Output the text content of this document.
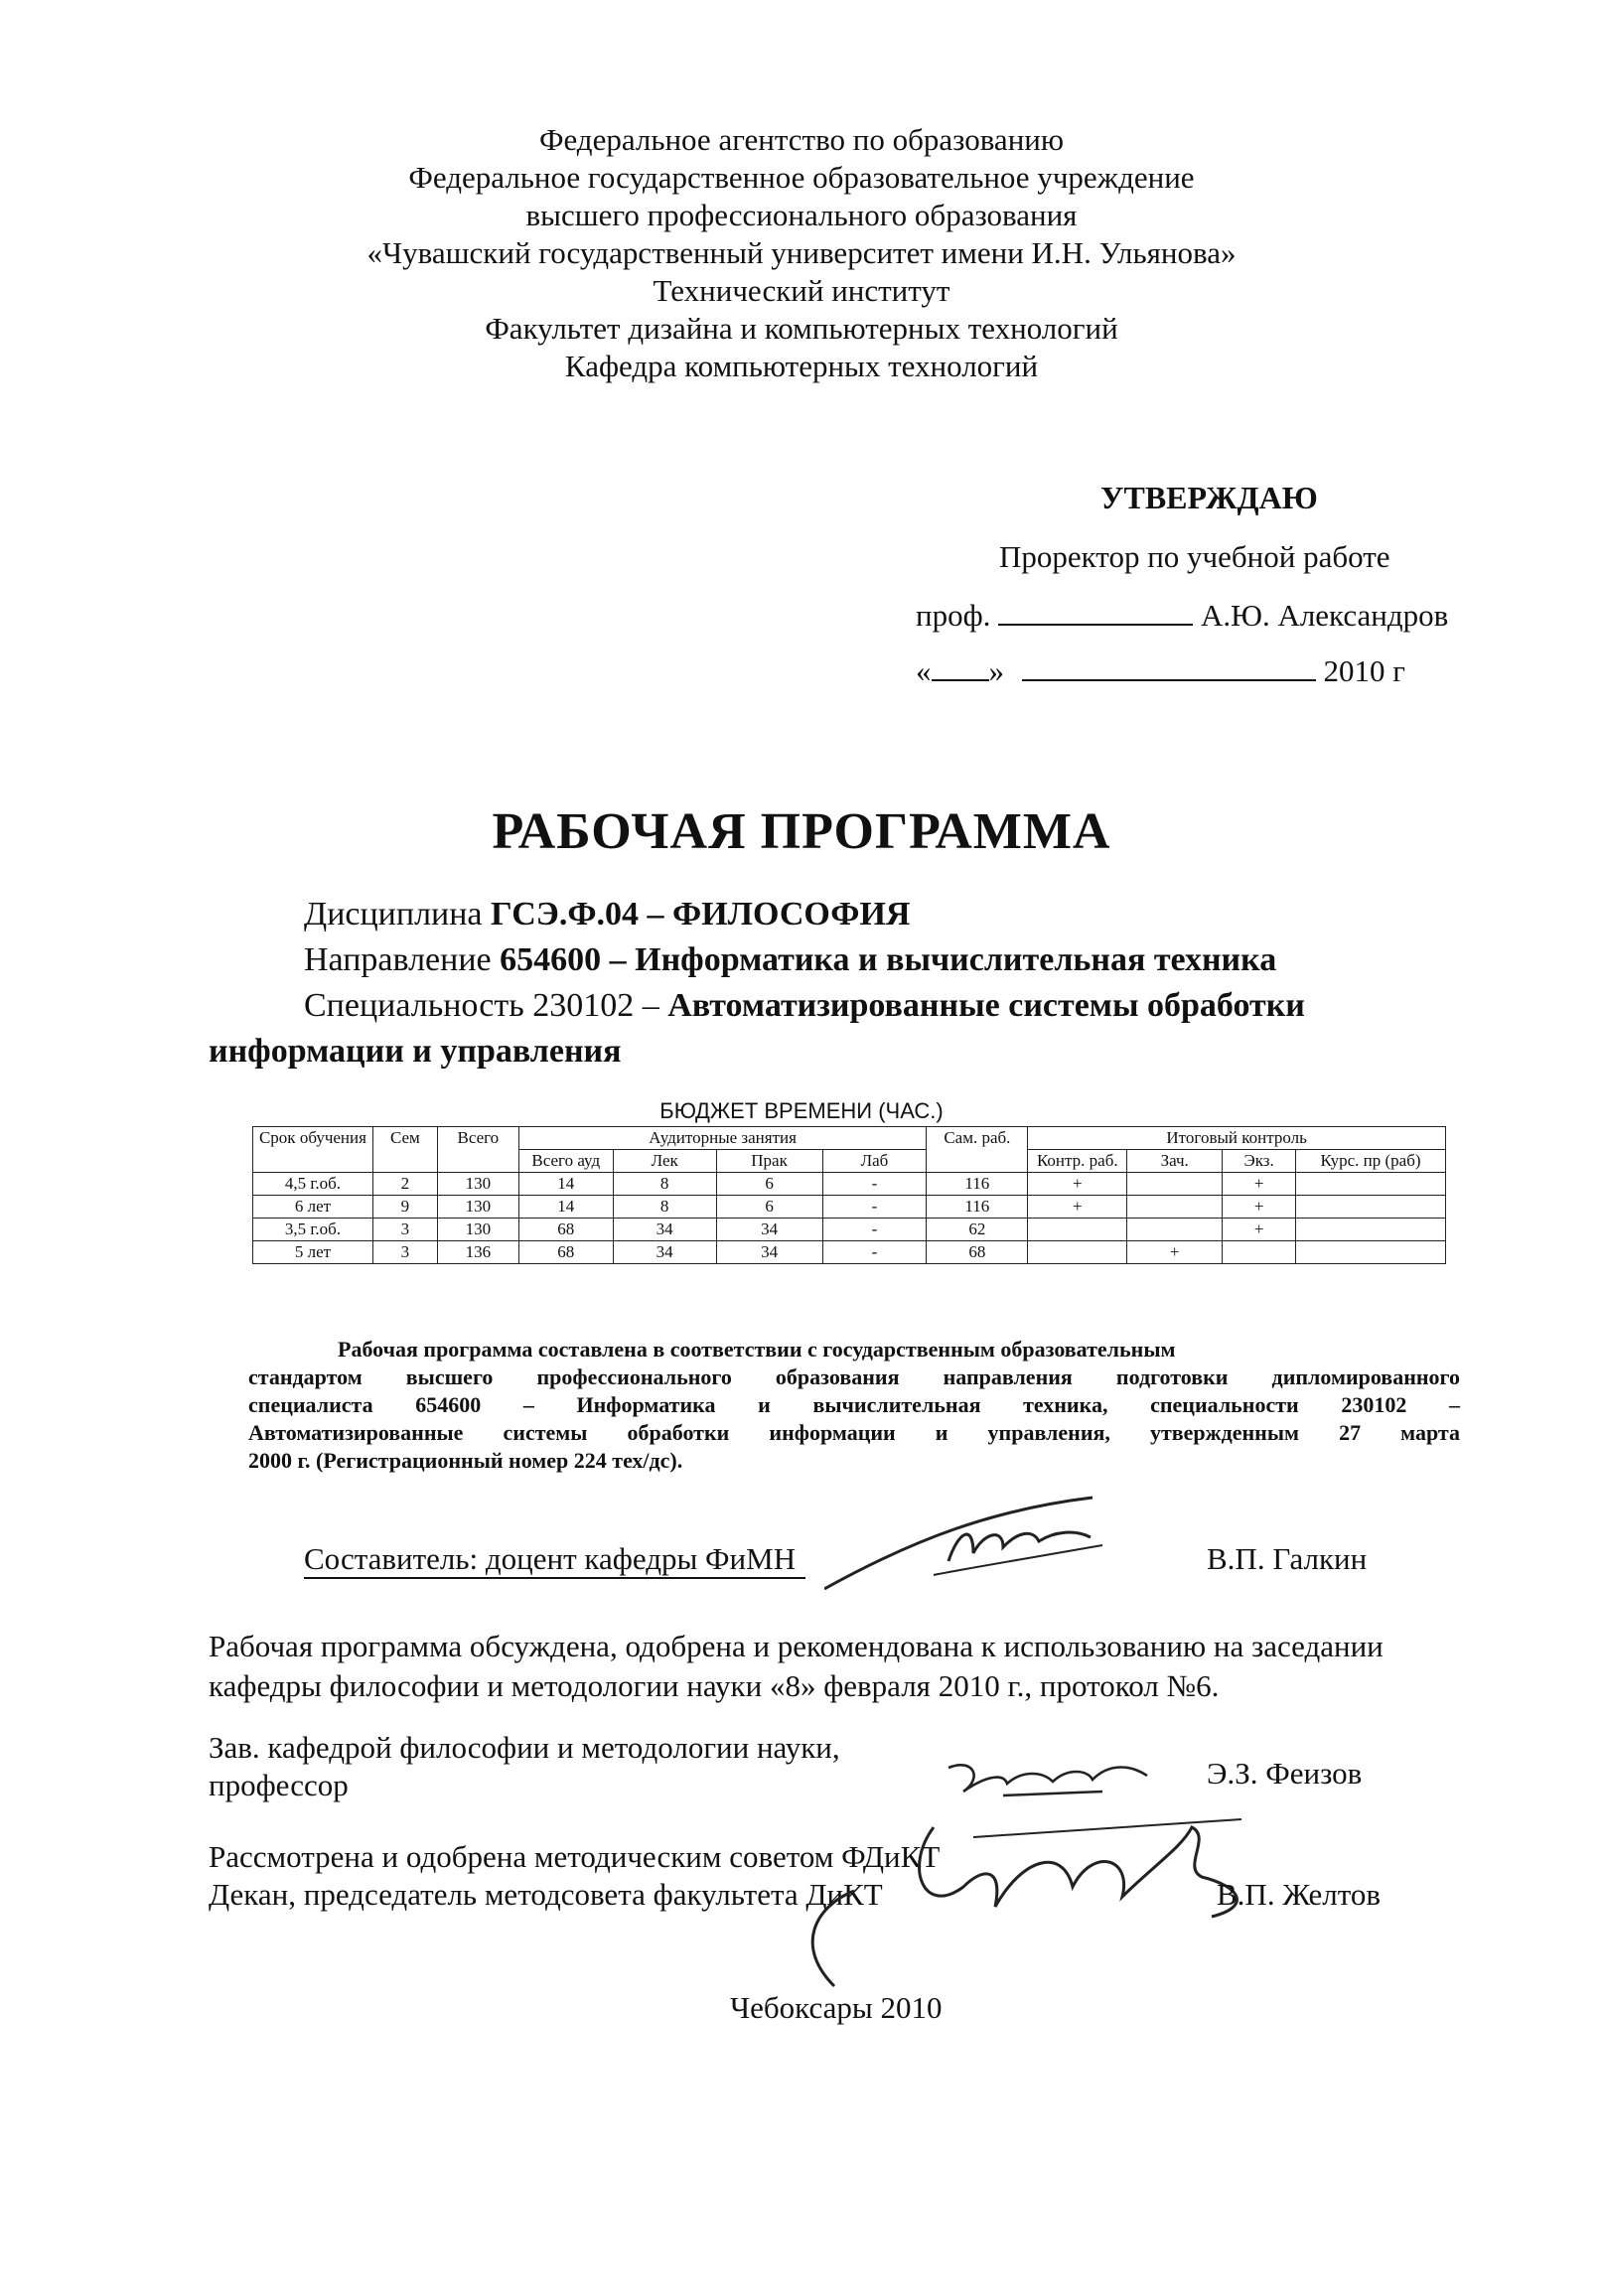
Федеральное агентство по образованию
Федеральное государственное образовательное учреждение
высшего профессионального образования
«Чувашский государственный университет имени И.Н. Ульянова»
Технический институт
Факультет дизайна и компьютерных технологий
Кафедра компьютерных технологий
УТВЕРЖДАЮ
Проректор по учебной работе
проф.	А.Ю. Александров
« »	2010 г
РАБОЧАЯ ПРОГРАММА
Дисциплина ГСЭ.Ф.04 – ФИЛОСОФИЯ
Направление 654600 – Информатика и вычислительная техника
Специальность 230102 – Автоматизированные системы обработки
информации и управления
БЮДЖЕТ ВРЕМЕНИ (ЧАС.)
Срок обучения	Сем	Всего	Аудиторные занятия				Сам. раб.	Итоговый контроль			
			Всего ауд	Лек	Прак	Лаб		Контр. раб.	Зач.	Экз.	Курс. пр (раб)
4,5 г.об.	2	130	14	8	6	-	116	+		+	
6 лет	9	130	14	8	6	-	116	+		+	
3,5 г.об.	3	130	68	34	34	-	62			+	
5 лет	3	136	68	34	34	-	68		+		
Рабочая программа составлена в соответствии с государственным образовательным
стандартом высшего профессионального образования направления подготовки дипломированного
специалиста 654600 – Информатика и вычислительная техника, специальности 230102 –
Автоматизированные системы обработки информации и управления, утвержденным 27 марта
2000 г. (Регистрационный номер 224 тех/дс).
Составитель: доцент кафедры ФиМН	В.П. Галкин
Рабочая программа обсуждена, одобрена и рекомендована к использованию на заседании
кафедры философии и методологии науки «8» февраля 2010 г., протокол №6.
Зав. кафедрой философии и методологии науки,
профессор	Э.З. Феизов
Рассмотрена и одобрена методическим советом ФДиКТ
Декан, председатель методсовета факультета ДиКТ	В.П. Желтов
Чебоксары 2010
